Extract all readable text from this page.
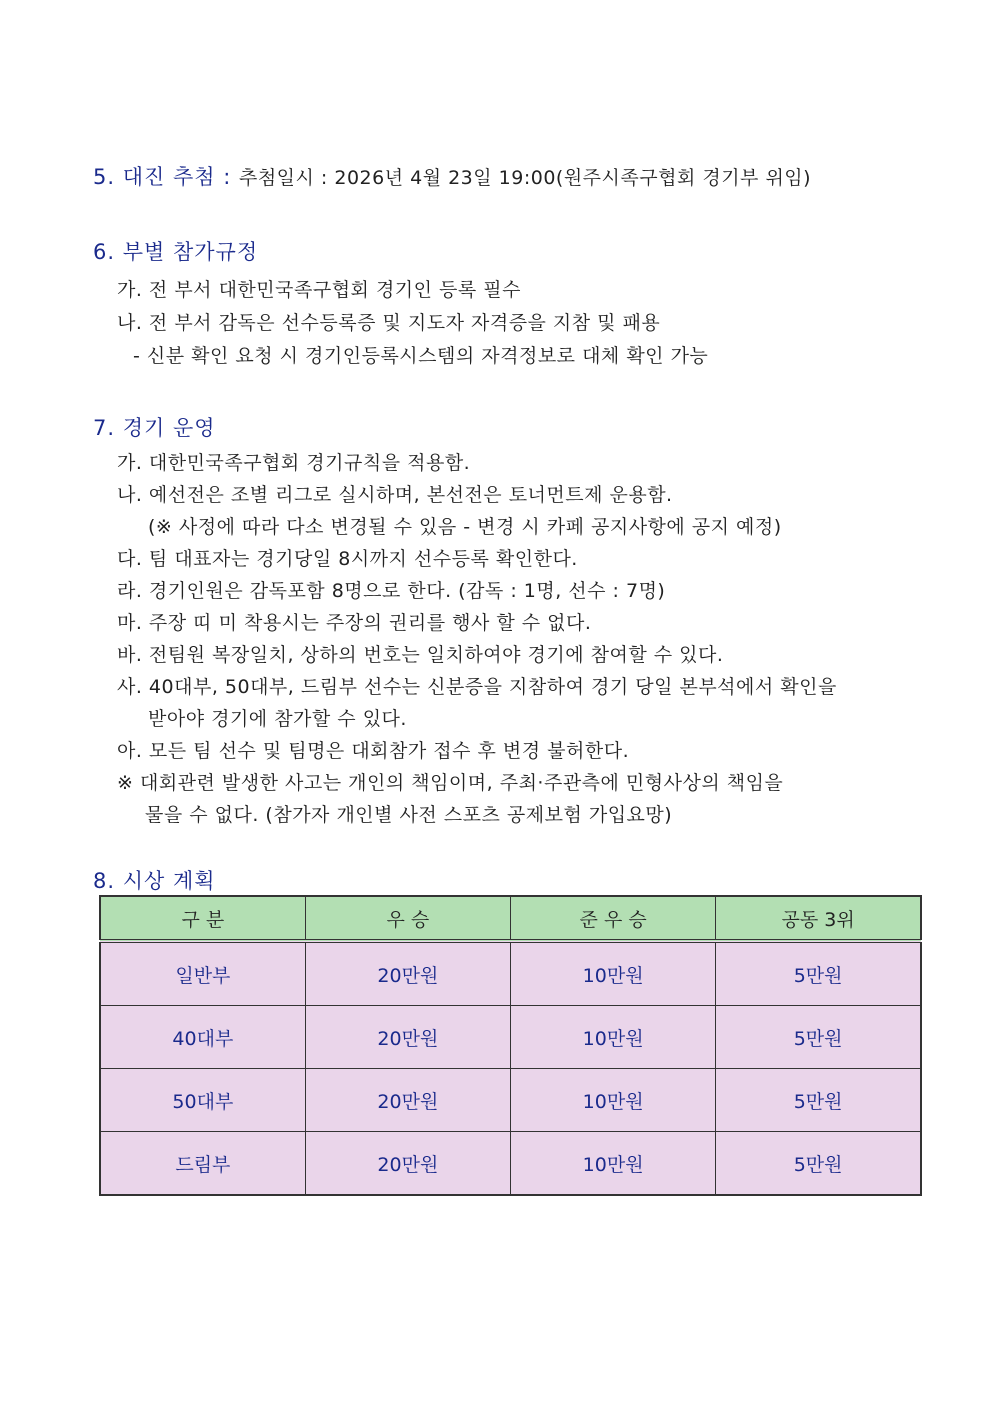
5. 대진 추첨 : 추첨일시 : 2026년 4월 23일 19:00(원주시족구협회 경기부 위임)
6. 부별 참가규정
가. 전 부서 대한민국족구협회 경기인 등록 필수
나. 전 부서 감독은 선수등록증 및 지도자 자격증을 지참 및 패용
- 신분 확인 요청 시 경기인등록시스템의 자격정보로 대체 확인 가능
7. 경기 운영
가. 대한민국족구협회 경기규칙을 적용함.
나. 예선전은 조별 리그로 실시하며, 본선전은 토너먼트제 운용함.
(※ 사정에 따라 다소 변경될 수 있음 - 변경 시 카페 공지사항에 공지 예정)
다. 팀 대표자는 경기당일 8시까지 선수등록 확인한다.
라. 경기인원은 감독포함 8명으로 한다. (감독 : 1명, 선수 : 7명)
마. 주장 띠 미 착용시는 주장의 권리를 행사 할 수 없다.
바. 전팀원 복장일치, 상하의 번호는 일치하여야 경기에 참여할 수 있다.
사. 40대부, 50대부, 드림부 선수는 신분증을 지참하여 경기 당일 본부석에서 확인을
받아야 경기에 참가할 수 있다.
아. 모든 팀 선수 및 팀명은 대회참가 접수 후 변경 불허한다.
※ 대회관련 발생한 사고는 개인의 책임이며, 주최·주관측에 민형사상의 책임을
물을 수 없다. (참가자 개인별 사전 스포츠 공제보험 가입요망)
8. 시상 계획
구 분	우 승	준 우 승	공동 3위
일반부	20만원	10만원	5만원
40대부	20만원	10만원	5만원
50대부	20만원	10만원	5만원
드림부	20만원	10만원	5만원
